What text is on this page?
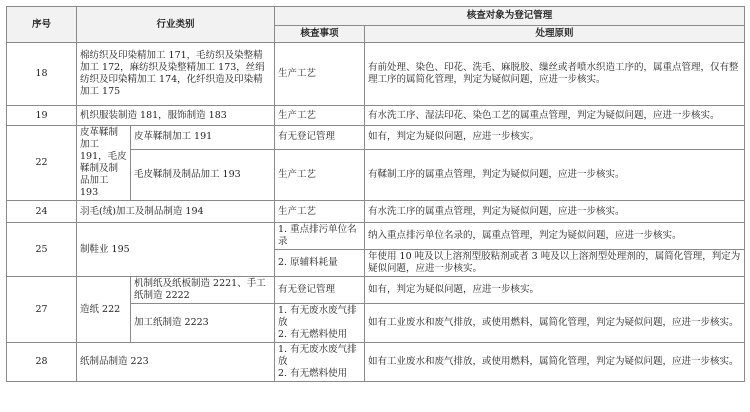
序号	行业类别		核查对象为登记管理	
			核查事项	处理原则
18	棉纺织及印染精加工 171，毛纺织及染整精加工 172，麻纺织及染整精加工 173，丝绢纺织及印染精加工 174，化纤织造及印染精加工 175		生产工艺	有前处理、染色、印花、洗毛、麻脱胶、缫丝或者喷水织造工序的，属重点管理，仅有整理工序的属简化管理，判定为疑似问题，应进一步核实。
19	机织服装制造 181，服饰制造 183		生产工艺	有水洗工序、湿法印花、染色工艺的属重点管理，判定为疑似问题，应进一步核实。
22	皮革鞣制加工 191，毛皮鞣制及制品加工 193	皮革鞣制加工 191	有无登记管理	如有，判定为疑似问题，应进一步核实。
		毛皮鞣制及制品加工 193	生产工艺	有鞣制工序的属重点管理，判定为疑似问题，应进一步核实。
24	羽毛(绒)加工及制品制造 194		生产工艺	有水洗工序的属重点管理，判定为疑似问题，应进一步核实。
25	制鞋业 195		1. 重点排污单位名录	纳入重点排污单位名录的，属重点管理，判定为疑似问题，应进一步核实。
			2. 原辅料耗量	年使用 10 吨及以上溶剂型胶粘剂或者 3 吨及以上溶剂型处理剂的，属简化管理，判定为疑似问题，应进一步核实。
27	造纸 222	机制纸及纸板制造 2221、手工纸制造 2222	有无登记管理	如有，判定为疑似问题，应进一步核实。
		加工纸制造 2223	1. 有无废水废气排放
2. 有无燃料使用	如有工业废水和废气排放，或使用燃料，属简化管理，判定为疑似问题，应进一步核实。
28	纸制品制造 223		1. 有无废水废气排放
2. 有无燃料使用	如有工业废水和废气排放，或使用燃料，属简化管理，判定为疑似问题，应进一步核实。
